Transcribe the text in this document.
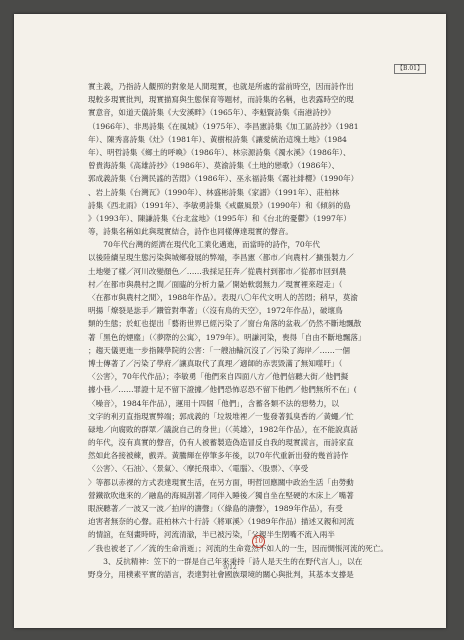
【B.01】
實主義，乃指詩人觀照的對象是人間現實，也就是所處的當前時空，因而詩作出
現較多現實批判，現實描寫與生態保育等題材，而詩集的名稱，也表露時空的現
實意音，如道天儀詩集《大安溪畔》（1965年）、李魁賢詩集《南港詩抄》
（1966年）、非馬詩集《在風城》（1975年）、李昌憲詩集《加工區詩抄》（1981
年）、陳秀喜詩集《灶》（1981年）、黃樹根詩集《讓愛統治這塊土地》（1984
年）、明哲詩集《鄉土的呼喚》（1986年）、林宗源詩集《濁水溪》（1986年）、
曾貴海詩集《高雄詩抄》（1986年）、莫渝詩集《土地的戀歌》（1986年）、
郭成義詩集《台灣民謠的苦悶》（1986年）、巫永福詩集《霧社緋櫻》（1990年）
、岩上詩集《台灣瓦》（1990年）、林盛彬詩集《家譜》（1991年）、莊柏林
詩集《西北雨》（1991年）、李敏勇詩集《戒嚴風景》（1990年）和《傾斜的島
》（1993年）、陳謙詩集《台北盆地》（1995年）和《台北的憂鬱》（1997年）
等，詩集名稱如此與現實結合，詩作也同樣傳達現實的聲音。
　　70年代台灣的經濟在現代化工業化邁進，而當時的詩作，70年代
以後陸續呈現生態污染與城鄉發展的弊端，李昌憲〈都市／向農村／擴張製力／
土地變了樣／河川改變顏色／……我採足狂奔／從農村到都市／從都市回到農
村／在都市與農村之間／面臨的分析力量／開始軟弱無力／現實裡來趕走」（
〈在都市與農村之間〉，1988年作品）。表現八〇年代文明人的苦悶；稍早，莫渝
明揚「燎裂是毖手／鑽管對準著」（〈沒有鳥的天空〉，1972年作品），破壞鳥
類的生態；於虹也提出「藝術世界已經污染了／窗台角落的盆栽／仍然不斷地飄散
著「黑色的煙塵」（〈夢際的公寓〉，1979年）。明謙河染，喪得「自由不斷地飄落」
；趨天儀更進一步指陳學院的公害：「一艘油輪沉沒了／污染了海岸／……一個
博士傳著了／污染了學府／讓真取代了真理／適師的赤衷毀滿了無知噬吁」（
〈公害〉，70年代作品）；李敏勇「他們來自四面八方／他們信聽大街／他們擬
據小巷／……罪證十足不留下證據／他們恐怖忍恐不留下他們／他們無所不在」(
〈噪音〉，1984年作品），運用十四個「他們」，含蓄各類不法的惡勢力，以
文字的利刃直指現實弊端；郭成義的「垃圾堆裡／一隻發著狐臭香的／黃蠅／忙
碌地／向腐敗的群眾／議說自己的身世」（〈英雄〉，1982年作品），在不能說真話
的年代，沒有真實的聲音，仍有人被蓄製造偽造冒反自我的現實謊言，而詩家直
然如此各接被練，戲弄。黃騰輝在停筆多年後，以70年代重新出發的幾首詩作
〈公害〉、〈石油〉、〈景氣〉、〈摩托飛車〉、〈電腦〉、〈股票〉、〈享受
〉等都以赤裸的方式表達現實生活，在另方面，明哲回應關中政治生活「由勞動
營鐵欲吹進來的／融島的海風刮著／同伴入睡後／獨自坐在堅硬的木床上／嘴著
眼淚聽著／一波又一波／拍岸的濤聲」（〈綠島的濤聲〉，1989年作品），有受
迫害者無奈的心聲。莊柏林六十行詩〈將軍溪〉（1989年作品）描述又親和河流
的情誼，在刻畫時時，河流清澈，半已被污染，「父親半生閉嘴不流入兩半
／我也被老了／／流的生命消逝」；河流的生命竟然不如人的一生，因而惆悵河流的死亡。
　　3、反抗精神：笠下的一群是自己年來秉持「詩人是天生的在野代言人」，以在
野身分，用樸素平實的語言，表達對社會國族環境的關心與批判，其基本支撐是
10
9/12
